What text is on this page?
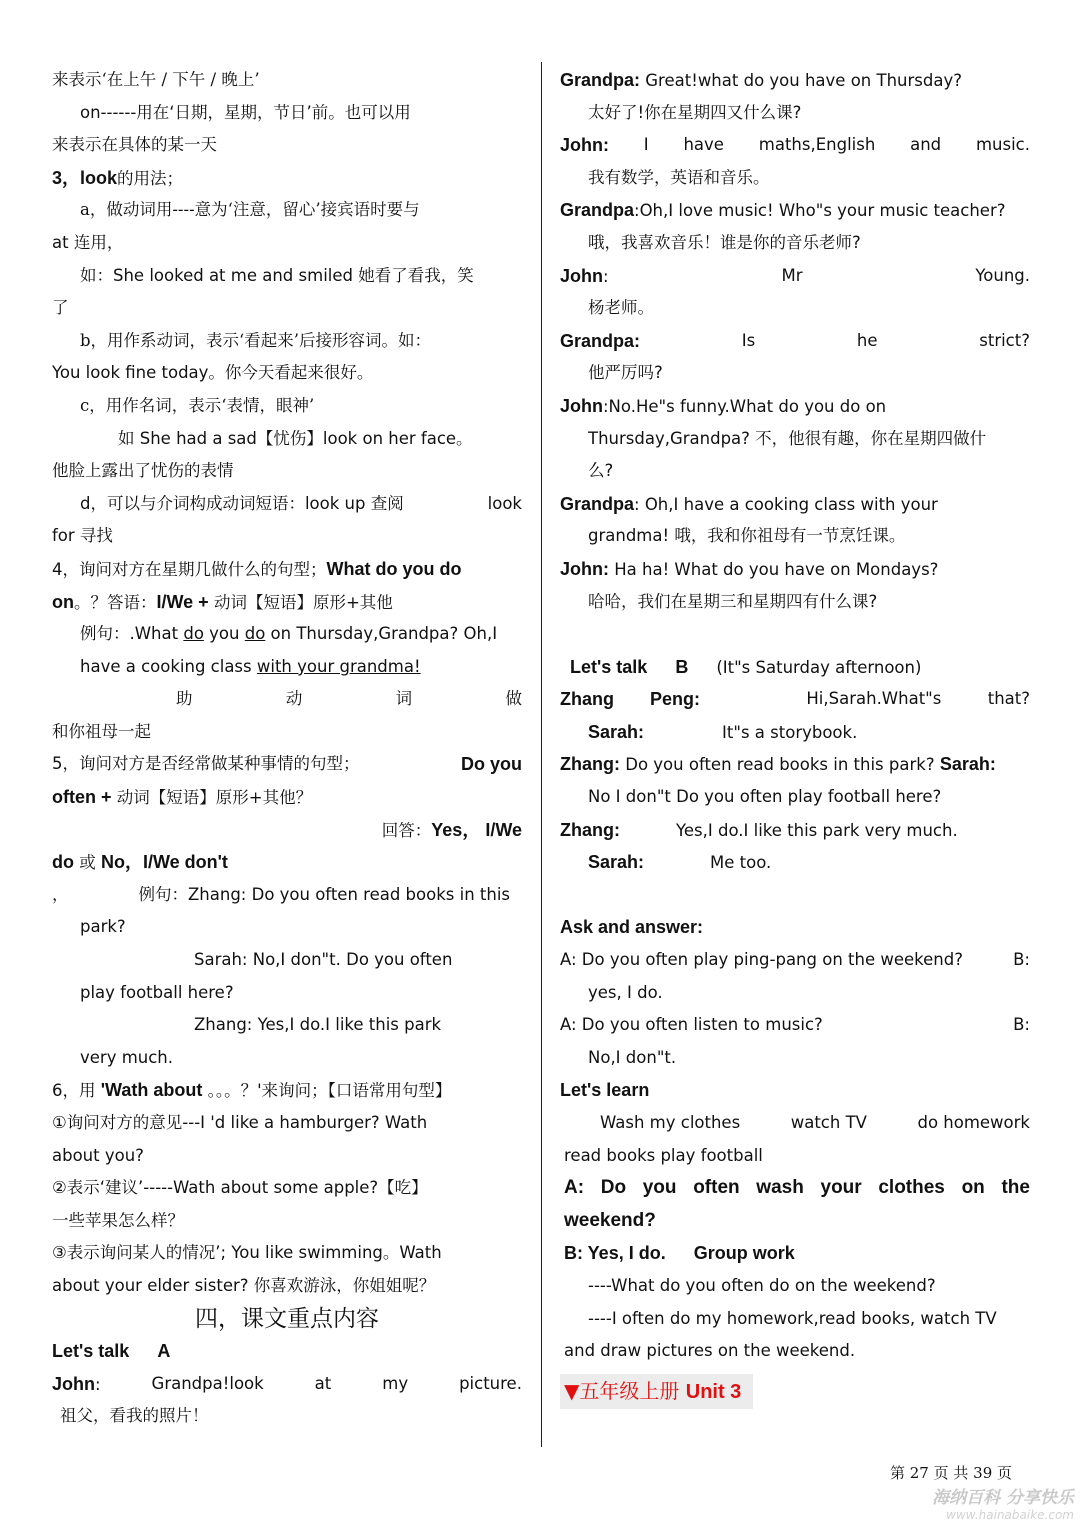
来表示‘在上午 / 下午 / 晚上’
on------用在‘日期，星期，节日’前。也可以用
来表示在具体的某一天
3，look的用法；
a，做动词用----意为‘注意，留心’接宾语时要与
at 连用，
如：She looked at me and smiled 她看了看我，笑
了
b，用作系动词，表示‘看起来’后接形容词。如：
You look fine today。你今天看起来很好。
c，用作名词，表示‘表情，眼神’
如 She had a sad【忧伤】look on her face。
他脸上露出了忧伤的表情
d，可以与介词构成动词短语：look up 查阅	look
for 寻找
4，询问对方在星期几做什么的句型；What do you do
on。？答语：I/We + 动词【短语】原形+其他
例句：.What do you do on Thursday,Grandpa? Oh,I
have a cooking class with your grandma!
助	动	词	做
和你祖母一起
5，询问对方是否经常做某种事情的句型；	Do you
often + 动词【短语】原形+其他？
回答：Yes， I/We
do 或 No，I/We don't
，	例句：Zhang: Do you often read books in this
park?
Sarah: No,I don"t. Do you often
play football here?
Zhang: Yes,I do.I like this park
very much.
6，用 'Wath about 。。。？'来询问；【口语常用句型】
①询问对方的意见---I 'd like a hamburger? Wath
about you?
②表示‘建议’-----Wath about some apple?【吃】
一些苹果怎么样？
③表示询问某人的情况’; You like swimming。Wath
about your elder sister? 你喜欢游泳，你姐姐呢？
四，课文重点内容
Let's talk A
John:	Grandpa!look	at	my	picture.
祖父，看我的照片！
Grandpa: Great!what do you have on Thursday?
太好了!你在星期四又什么课?
John: I have maths,English and music.
我有数学，英语和音乐。
Grandpa:Oh,I love music! Who"s your music teacher?
哦，我喜欢音乐！谁是你的音乐老师?
John:	Mr	Young.
杨老师。
Grandpa:	Is	he	strict?
他严厉吗?
John:No.He"s funny.What do you do on
Thursday,Grandpa? 不，他很有趣，你在星期四做什
么?
Grandpa: Oh,I have a cooking class with your
grandma! 哦，我和你祖母有一节烹饪课。
John: Ha ha! What do you have on Mondays?
哈哈，我们在星期三和星期四有什么课?
Let's talk B (It"s Saturday afternoon)
Zhang Peng:	Hi,Sarah.What"s	that?
Sarah:	It"s a storybook.
Zhang: Do you often read books in this park? Sarah:
No I don"t Do you often play football here?
Zhang:	Yes,I do.I like this park very much.
Sarah:	Me too.
Ask and answer:
A: Do you often play ping-pang on the weekend?	B:
yes, I do.
A: Do you often listen to music?	B:
No,I don"t.
Let's learn
Wash my clothes	watch TV	do homework
read books play football
A: Do you often wash your clothes on the
weekend?
B: Yes, I do. Group work
----What do you often do on the weekend?
----I often do my homework,read books, watch TV
and draw pictures on the weekend.
▼五年级上册 Unit 3
第 27 页 共 39 页
海纳百科 分享快乐
www.hainabaike.com
